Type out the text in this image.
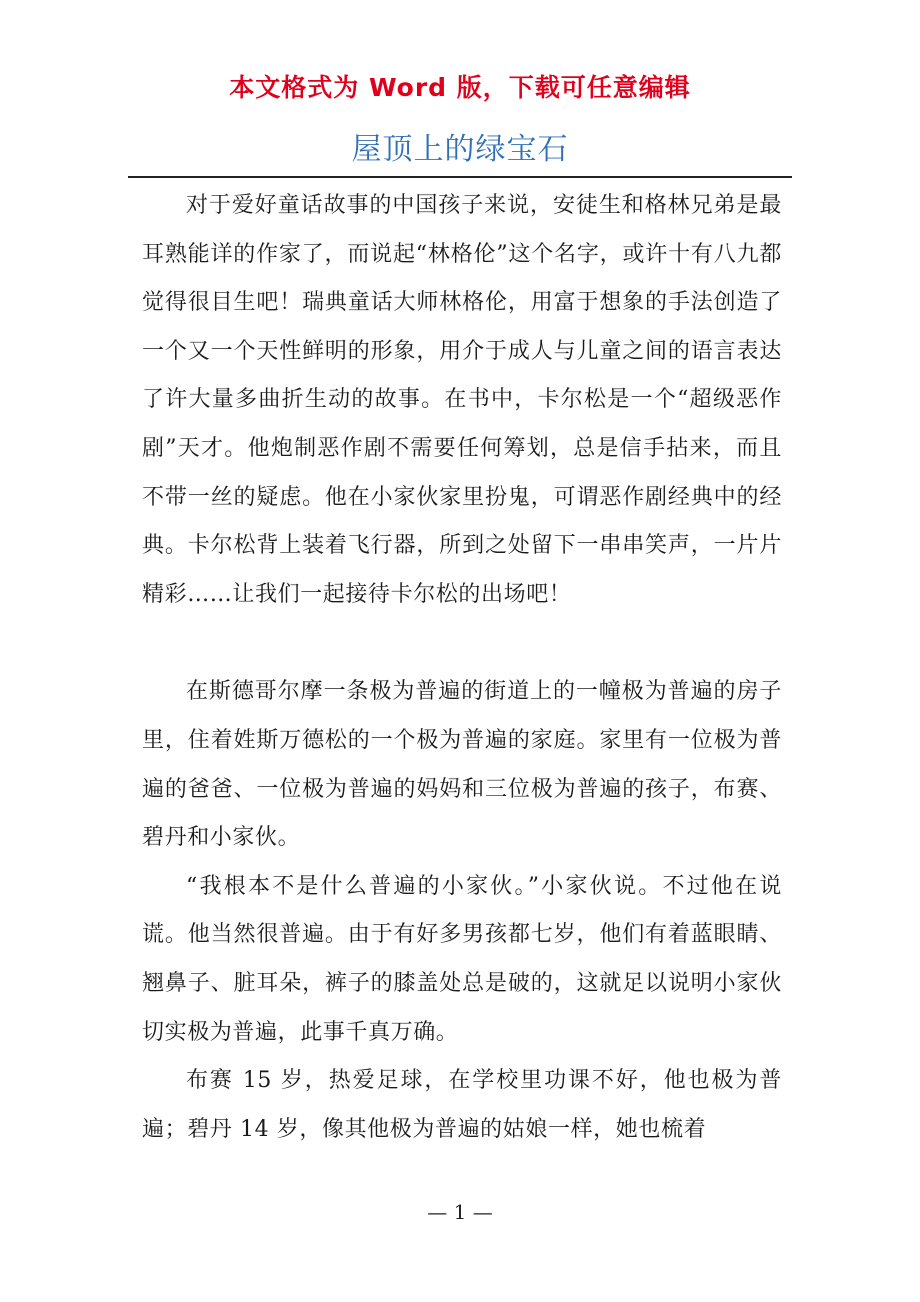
本文格式为 Word 版，下载可任意编辑
屋顶上的绿宝石

对于爱好童话故事的中国孩子来说，安徒生和格林兄弟是最耳熟能详的作家了，而说起“林格伦”这个名字，或许十有八九都觉得很目生吧！瑞典童话大师林格伦，用富于想象的手法创造了一个又一个天性鲜明的形象，用介于成人与儿童之间的语言表达了许大量多曲折生动的故事。在书中，卡尔松是一个“超级恶作剧”天才。他炮制恶作剧不需要任何筹划，总是信手拈来，而且不带一丝的疑虑。他在小家伙家里扮鬼，可谓恶作剧经典中的经典。卡尔松背上装着飞行器，所到之处留下一串串笑声，一片片精彩……让我们一起接待卡尔松的出场吧！

在斯德哥尔摩一条极为普遍的街道上的一幢极为普遍的房子里，住着姓斯万德松的一个极为普遍的家庭。家里有一位极为普遍的爸爸、一位极为普遍的妈妈和三位极为普遍的孩子，布赛、碧丹和小家伙。

“我根本不是什么普遍的小家伙。”小家伙说。不过他在说谎。他当然很普遍。由于有好多男孩都七岁，他们有着蓝眼睛、翘鼻子、脏耳朵，裤子的膝盖处总是破的，这就足以说明小家伙切实极为普遍，此事千真万确。

布赛 15 岁，热爱足球，在学校里功课不好，他也极为普遍；碧丹 14 岁，像其他极为普遍的姑娘一样，她也梳着

— 1 —
